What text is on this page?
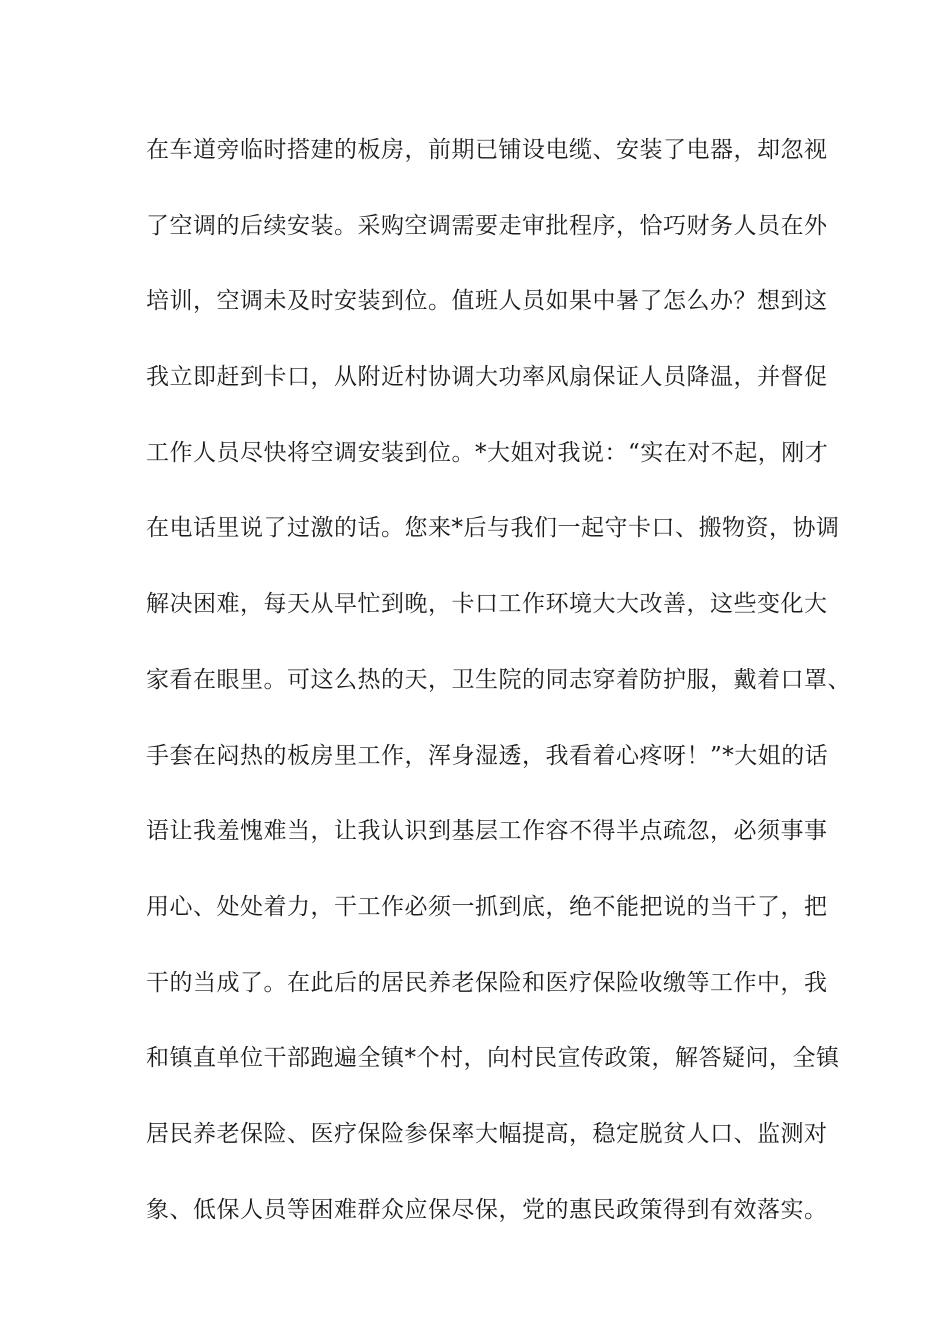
在车道旁临时搭建的板房，前期已铺设电缆、安装了电器，却忽视
了空调的后续安装。采购空调需要走审批程序，恰巧财务人员在外
培训，空调未及时安装到位。值班人员如果中暑了怎么办？想到这
我立即赶到卡口，从附近村协调大功率风扇保证人员降温，并督促
工作人员尽快将空调安装到位。*大姐对我说：“实在对不起，刚才
在电话里说了过激的话。您来*后与我们一起守卡口、搬物资，协调
解决困难，每天从早忙到晚，卡口工作环境大大改善，这些变化大
家看在眼里。可这么热的天，卫生院的同志穿着防护服，戴着口罩、
手套在闷热的板房里工作，浑身湿透，我看着心疼呀！”*大姐的话
语让我羞愧难当，让我认识到基层工作容不得半点疏忽，必须事事
用心、处处着力，干工作必须一抓到底，绝不能把说的当干了，把
干的当成了。在此后的居民养老保险和医疗保险收缴等工作中，我
和镇直单位干部跑遍全镇*个村，向村民宣传政策，解答疑问，全镇
居民养老保险、医疗保险参保率大幅提高，稳定脱贫人口、监测对
象、低保人员等困难群众应保尽保，党的惠民政策得到有效落实。
